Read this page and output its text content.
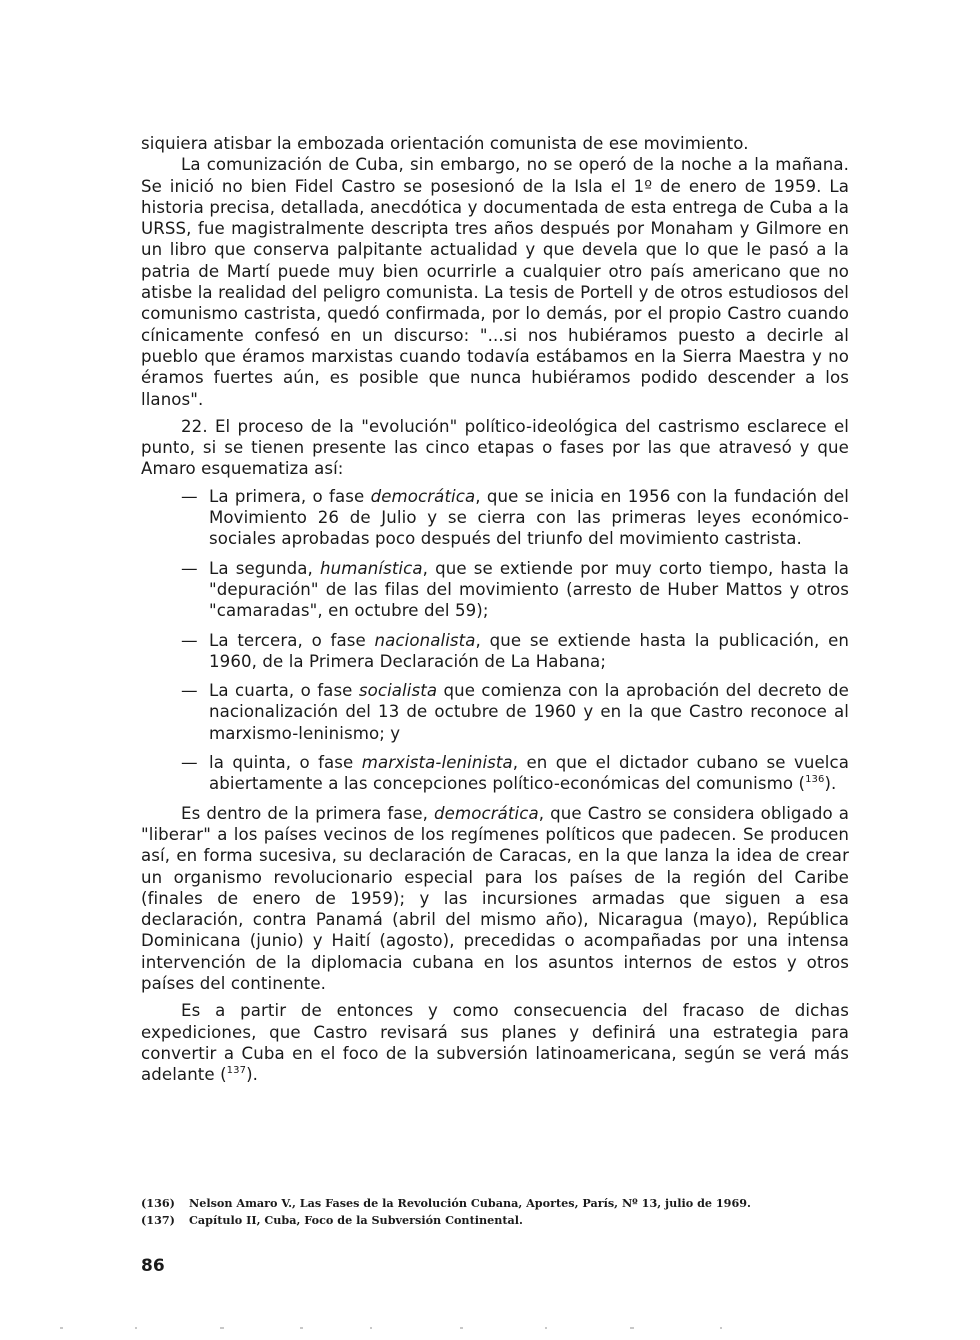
siquiera atisbar la embozada orientación comunista de ese movimiento.

La comunización de Cuba, sin embargo, no se operó de la noche a la mañana. Se inició no bien Fidel Castro se posesionó de la Isla el 1º de enero de 1959. La historia precisa, detallada, anecdótica y documentada de esta entrega de Cuba a la URSS, fue magistralmente descripta tres años después por Monaham y Gilmore en un libro que conserva palpitante actualidad y que devela que lo que le pasó a la patria de Martí puede muy bien ocurrirle a cualquier otro país americano que no atisbe la realidad del peligro comunista. La tesis de Portell y de otros estudiosos del comunismo castrista, quedó confirmada, por lo demás, por el propio Castro cuando cínicamente confesó en un discurso: "...si nos hubiéramos puesto a decirle al pueblo que éramos marxistas cuando todavía estábamos en la Sierra Maestra y no éramos fuertes aún, es posible que nunca hubiéramos podido descender a los llanos".

22. El proceso de la "evolución" político-ideológica del castrismo esclarece el punto, si se tienen presente las cinco etapas o fases por las que atravesó y que Amaro esquematiza así:

— La primera, o fase democrática, que se inicia en 1956 con la fundación del Movimiento 26 de Julio y se cierra con las primeras leyes económico-sociales aprobadas poco después del triunfo del movimiento castrista.

— La segunda, humanística, que se extiende por muy corto tiempo, hasta la "depuración" de las filas del movimiento (arresto de Huber Mattos y otros "camaradas", en octubre del 59);

— La tercera, o fase nacionalista, que se extiende hasta la publicación, en 1960, de la Primera Declaración de La Habana;

— La cuarta, o fase socialista que comienza con la aprobación del decreto de nacionalización del 13 de octubre de 1960 y en la que Castro reconoce al marxismo-leninismo; y

— la quinta, o fase marxista-leninista, en que el dictador cubano se vuelca abiertamente a las concepciones político-económicas del comunismo ($^{136}$).

Es dentro de la primera fase, democrática, que Castro se considera obligado a "liberar" a los países vecinos de los regímenes políticos que padecen. Se producen así, en forma sucesiva, su declaración de Caracas, en la que lanza la idea de crear un organismo revolucionario especial para los países de la región del Caribe (finales de enero de 1959); y las incursiones armadas que siguen a esa declaración, contra Panamá (abril del mismo año), Nicaragua (mayo), República Dominicana (junio) y Haití (agosto), precedidas o acompañadas por una intensa intervención de la diplomacia cubana en los asuntos internos de estos y otros países del continente.

Es a partir de entonces y como consecuencia del fracaso de dichas expediciones, que Castro revisará sus planes y definirá una estrategia para convertir a Cuba en el foco de la subversión latinoamericana, según se verá más adelante ($^{137}$).

(136) Nelson Amaro V., Las Fases de la Revolución Cubana, Aportes, París, Nº 13, julio de 1969.

(137) Capítulo II, Cuba, Foco de la Subversión Continental.

86
